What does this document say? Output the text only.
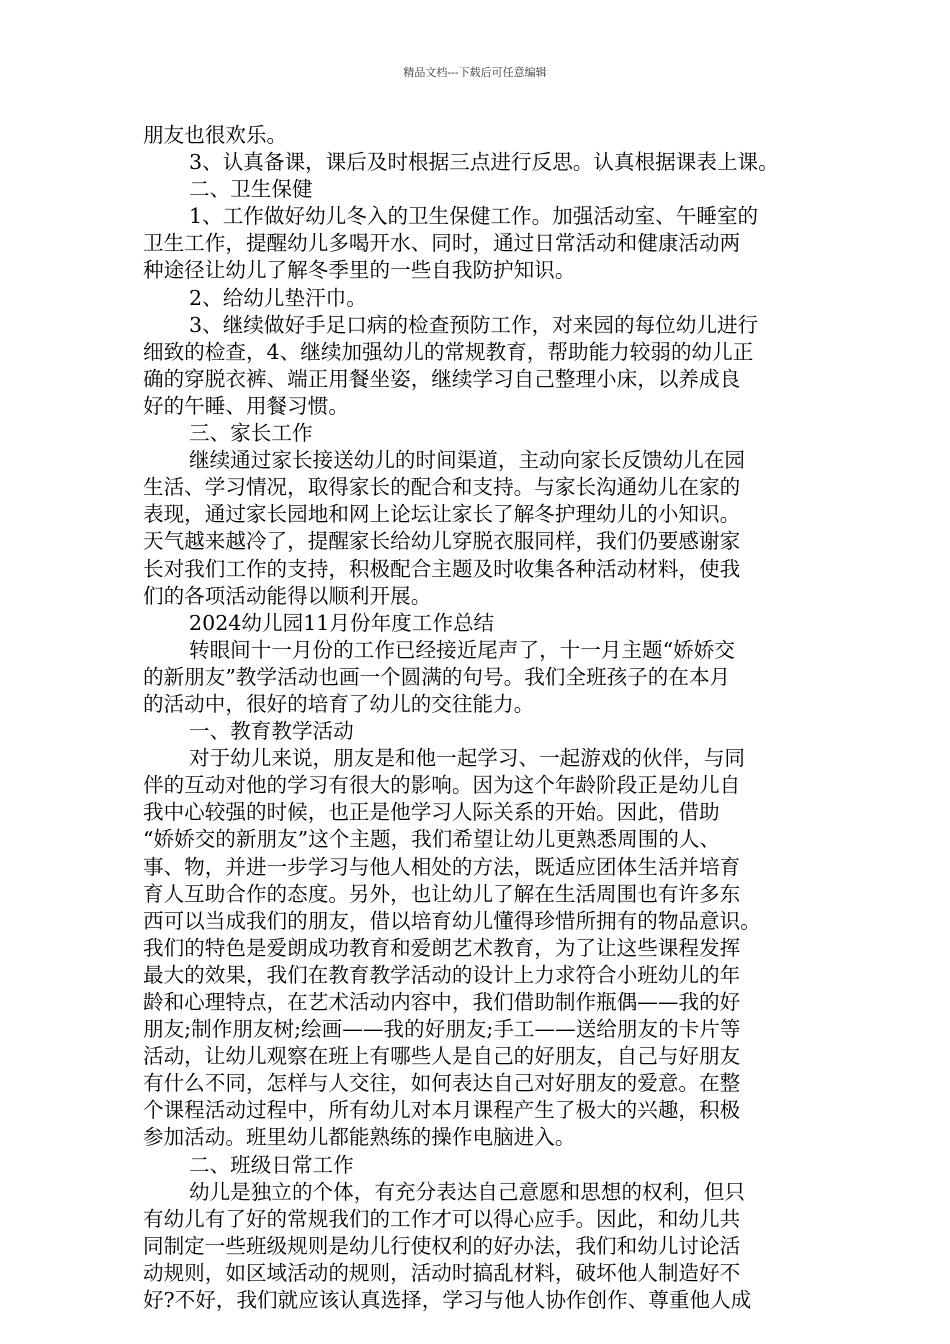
精品文档---下载后可任意编辑

朋友也很欢乐。

3、认真备课，课后及时根据三点进行反思。认真根据课表上课。

二、卫生保健

1、工作做好幼儿冬入的卫生保健工作。加强活动室、午睡室的

卫生工作，提醒幼儿多喝开水、同时，通过日常活动和健康活动两

种途径让幼儿了解冬季里的一些自我防护知识。

2、给幼儿垫汗巾。

3、继续做好手足口病的检查预防工作，对来园的每位幼儿进行

细致的检查，4、继续加强幼儿的常规教育，帮助能力较弱的幼儿正

确的穿脱衣裤、端正用餐坐姿，继续学习自己整理小床，以养成良

好的午睡、用餐习惯。

三、家长工作

继续通过家长接送幼儿的时间渠道，主动向家长反馈幼儿在园

生活、学习情况，取得家长的配合和支持。与家长沟通幼儿在家的

表现，通过家长园地和网上论坛让家长了解冬护理幼儿的小知识。

天气越来越冷了，提醒家长给幼儿穿脱衣服同样，我们仍要感谢家

长对我们工作的支持，积极配合主题及时收集各种活动材料，使我

们的各项活动能得以顺利开展。

2024幼儿园11月份年度工作总结

转眼间十一月份的工作已经接近尾声了，十一月主题“娇娇交

的新朋友”教学活动也画一个圆满的句号。我们全班孩子的在本月

的活动中，很好的培育了幼儿的交往能力。

一、教育教学活动

对于幼儿来说，朋友是和他一起学习、一起游戏的伙伴，与同

伴的互动对他的学习有很大的影响。因为这个年龄阶段正是幼儿自

我中心较强的时候，也正是他学习人际关系的开始。因此，借助

“娇娇交的新朋友”这个主题，我们希望让幼儿更熟悉周围的人、

事、物，并进一步学习与他人相处的方法，既适应团体生活并培育

育人互助合作的态度。另外，也让幼儿了解在生活周围也有许多东

西可以当成我们的朋友，借以培育幼儿懂得珍惜所拥有的物品意识。

我们的特色是爱朗成功教育和爱朗艺术教育，为了让这些课程发挥

最大的效果，我们在教育教学活动的设计上力求符合小班幼儿的年

龄和心理特点，在艺术活动内容中，我们借助制作瓶偶——我的好

朋友;制作朋友树;绘画——我的好朋友;手工——送给朋友的卡片等

活动，让幼儿观察在班上有哪些人是自己的好朋友，自己与好朋友

有什么不同，怎样与人交往，如何表达自己对好朋友的爱意。在整

个课程活动过程中，所有幼儿对本月课程产生了极大的兴趣，积极

参加活动。班里幼儿都能熟练的操作电脑进入。

二、班级日常工作

幼儿是独立的个体，有充分表达自己意愿和思想的权利，但只

有幼儿有了好的常规我们的工作才可以得心应手。因此，和幼儿共

同制定一些班级规则是幼儿行使权利的好办法，我们和幼儿讨论活

动规则，如区域活动的规则，活动时搞乱材料，破坏他人制造好不

好?不好，我们就应该认真选择，学习与他人协作创作、尊重他人成
